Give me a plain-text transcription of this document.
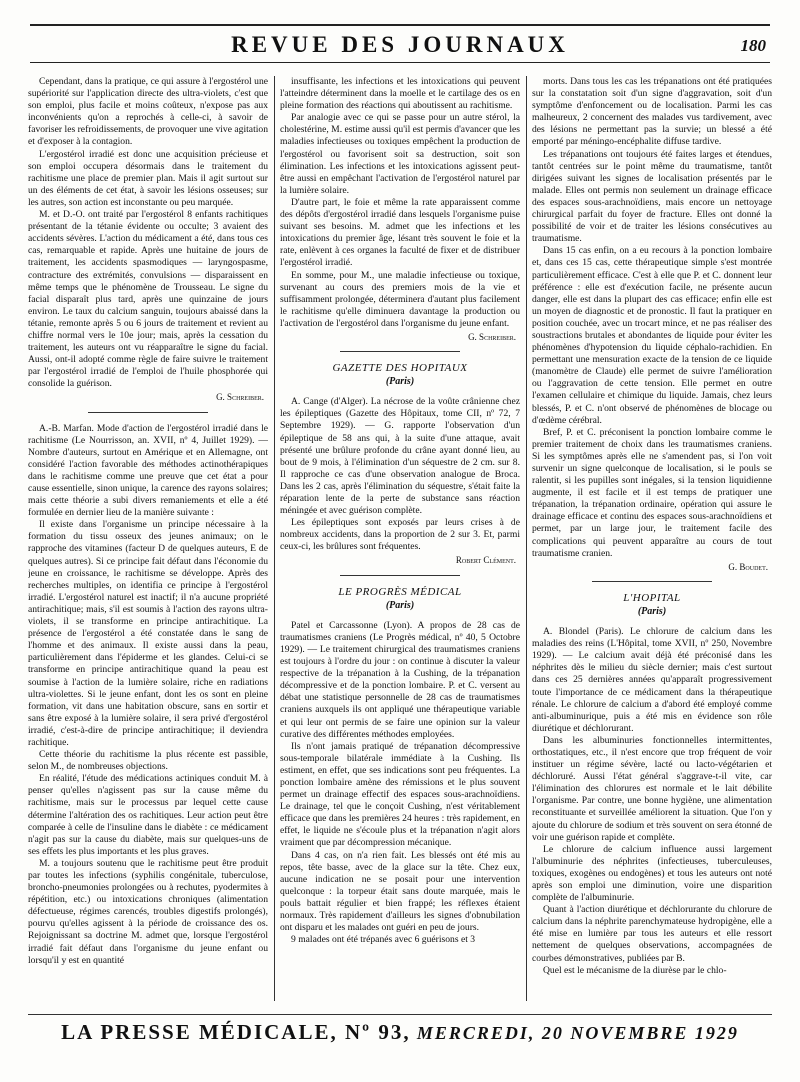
REVUE DES JOURNAUX	180

Cependant, dans la pratique, ce qui assure à l'ergostérol une supériorité sur l'application directe des ultra-violets, c'est que son emploi, plus facile et moins coûteux, n'expose pas aux inconvénients qu'on a reprochés à celle-ci, à savoir de favoriser les refroidissements, de provoquer une vive agitation et d'exposer à la contagion.

L'ergostérol irradié est donc une acquisition précieuse et son emploi occupera désormais dans le traitement du rachitisme une place de premier plan. Mais il agit surtout sur un des éléments de cet état, à savoir les lésions osseuses; sur les autres, son action est inconstante ou peu marquée.

M. et D.-O. ont traité par l'ergostérol 8 enfants rachitiques présentant de la tétanie évidente ou occulte; 3 avaient des accidents sévères. L'action du médicament a été, dans tous ces cas, remarquable et rapide. Après une huitaine de jours de traitement, les accidents spasmodiques — laryngospasme, contracture des extrémités, convulsions — disparaissent en même temps que le phénomène de Trousseau. Le signe du facial disparaît plus tard, après une quinzaine de jours environ. Le taux du calcium sanguin, toujours abaissé dans la tétanie, remonte après 5 ou 6 jours de traitement et revient au chiffre normal vers le 10e jour; mais, après la cessation du traitement, les auteurs ont vu réapparaître le signe du facial. Aussi, ont-il adopté comme règle de faire suivre le traitement par l'ergostérol irradié de l'emploi de l'huile phosphorée qui consolide la guérison.

G. Schreiber.

A.-B. Marfan. Mode d'action de l'ergostérol irradié dans le rachitisme (Le Nourrisson, an. XVII, nº 4, Juillet 1929). — Nombre d'auteurs, surtout en Amérique et en Allemagne, ont considéré l'action favorable des méthodes actinothérapiques dans le rachitisme comme une preuve que cet état a pour cause essentielle, sinon unique, la carence des rayons solaires; mais cette théorie a subi divers remaniements et elle a été formulée en dernier lieu de la manière suivante :

Il existe dans l'organisme un principe nécessaire à la formation du tissu osseux des jeunes animaux; on le rapproche des vitamines (facteur D de quelques auteurs, E de quelques autres). Si ce principe fait défaut dans l'économie du jeune en croissance, le rachitisme se développe. Après des recherches multiples, on identifia ce principe à l'ergostérol irradié. L'ergostérol naturel est inactif; il n'a aucune propriété antirachitique; mais, s'il est soumis à l'action des rayons ultra-violets, il se transforme en principe antirachitique. La présence de l'ergostérol a été constatée dans le sang de l'homme et des animaux. Il existe aussi dans la peau, particulièrement dans l'épiderme et les glandes. Celui-ci se transforme en principe antirachitique quand la peau est soumise à l'action de la lumière solaire, riche en radiations ultra-violettes. Si le jeune enfant, dont les os sont en pleine formation, vit dans une habitation obscure, sans en sortir et sans être exposé à la lumière solaire, il sera privé d'ergostérol irradié, c'est-à-dire de principe antirachitique; il deviendra rachitique.

Cette théorie du rachitisme la plus récente est passible, selon M., de nombreuses objections.

En réalité, l'étude des médications actiniques conduit M. à penser qu'elles n'agissent pas sur la cause même du rachitisme, mais sur le processus par lequel cette cause détermine l'altération des os rachitiques. Leur action peut être comparée à celle de l'insuline dans le diabète : ce médicament n'agit pas sur la cause du diabète, mais sur quelques-uns de ses effets les plus importants et les plus graves.

M. a toujours soutenu que le rachitisme peut être produit par toutes les infections (syphilis congénitale, tuberculose, broncho-pneumonies prolongées ou à rechutes, pyodermites à répétition, etc.) ou intoxications chroniques (alimentation défectueuse, régimes carencés, troubles digestifs prolongés), pourvu qu'elles agissent à la période de croissance des os. Rejoignissant sa doctrine M. admet que, lorsque l'ergostérol irradié fait défaut dans l'organisme du jeune enfant ou lorsqu'il y est en quantité

insuffisante, les infections et les intoxications qui peuvent l'atteindre déterminent dans la moelle et le cartilage des os en pleine formation des réactions qui aboutissent au rachitisme.

Par analogie avec ce qui se passe pour un autre stérol, la cholestérine, M. estime aussi qu'il est permis d'avancer que les maladies infectieuses ou toxiques empêchent la production de l'ergostérol ou favorisent soit sa destruction, soit son élimination. Les infections et les intoxications agissent peut-être aussi en empêchant l'activation de l'ergostérol naturel par la lumière solaire.

D'autre part, le foie et même la rate apparaissent comme des dépôts d'ergostérol irradié dans lesquels l'organisme puise suivant ses besoins. M. admet que les infections et les intoxications du premier âge, lésant très souvent le foie et la rate, enlèvent à ces organes la faculté de fixer et de distribuer l'ergostérol irradié.

En somme, pour M., une maladie infectieuse ou toxique, survenant au cours des premiers mois de la vie et suffisamment prolongée, déterminera d'autant plus facilement le rachitisme qu'elle diminuera davantage la production ou l'activation de l'ergostérol dans l'organisme du jeune enfant.

G. Schreiber.

GAZETTE DES HOPITAUX

(Paris)

A. Cange (d'Alger). La nécrose de la voûte crânienne chez les épileptiques (Gazette des Hôpitaux, tome CII, nº 72, 7 Septembre 1929). — G. rapporte l'observation d'un épileptique de 58 ans qui, à la suite d'une attaque, avait présenté une brûlure profonde du crâne ayant donné lieu, au bout de 9 mois, à l'élimination d'un séquestre de 2 cm. sur 8. Il rapproche ce cas d'une observation analogue de Broca. Dans les 2 cas, après l'élimination du séquestre, s'était faite la réparation lente de la perte de substance sans réaction méningée et avec guérison complète.

Les épileptiques sont exposés par leurs crises à de nombreux accidents, dans la proportion de 2 sur 3. Et, parmi ceux-ci, les brûlures sont fréquentes.

Robert Clément.

LE PROGRÈS MÉDICAL

(Paris)

Patel et Carcassonne (Lyon). A propos de 28 cas de traumatismes craniens (Le Progrès médical, nº 40, 5 Octobre 1929). — Le traitement chirurgical des traumatismes craniens est toujours à l'ordre du jour : on continue à discuter la valeur respective de la trépanation à la Cushing, de la trépanation décompressive et de la ponction lombaire. P. et C. versent au débat une statistique personnelle de 28 cas de traumatismes craniens auxquels ils ont appliqué une thérapeutique variable et qui leur ont permis de se faire une opinion sur la valeur curative des différentes méthodes employées.

Ils n'ont jamais pratiqué de trépanation décompressive sous-temporale bilatérale immédiate à la Cushing. Ils estiment, en effet, que ses indications sont peu fréquentes. La ponction lombaire amène des rémissions et le plus souvent permet un drainage effectif des espaces sous-arachnoïdiens. Le drainage, tel que le conçoit Cushing, n'est véritablement efficace que dans les premières 24 heures : très rapidement, en effet, le liquide ne s'écoule plus et la trépanation n'agit alors vraiment que par décompression mécanique.

Dans 4 cas, on n'a rien fait. Les blessés ont été mis au repos, tête basse, avec de la glace sur la tête. Chez eux, aucune indication ne se posait pour une intervention quelconque : la torpeur était sans doute marquée, mais le pouls battait régulier et bien frappé; les réflexes étaient normaux. Très rapidement d'ailleurs les signes d'obnubilation ont disparu et les malades ont guéri en peu de jours.

9 malades ont été trépanés avec 6 guérisons et 3

morts. Dans tous les cas les trépanations ont été pratiquées sur la constatation soit d'un signe d'aggravation, soit d'un symptôme d'enfoncement ou de localisation. Parmi les cas malheureux, 2 concernent des malades vus tardivement, avec des lésions ne permettant pas la survie; un blessé a été emporté par méningo-encéphalite diffuse tardive.

Les trépanations ont toujours été faites larges et étendues, tantôt centrées sur le point même du traumatisme, tantôt dirigées suivant les signes de localisation présentés par le malade. Elles ont permis non seulement un drainage efficace des espaces sous-arachnoïdiens, mais encore un nettoyage chirurgical parfait du foyer de fracture. Elles ont donné la possibilité de voir et de traiter les lésions consécutives au traumatisme.

Dans 15 cas enfin, on a eu recours à la ponction lombaire et, dans ces 15 cas, cette thérapeutique simple s'est montrée particulièrement efficace. C'est à elle que P. et C. donnent leur préférence : elle est d'exécution facile, ne présente aucun danger, elle est dans la plupart des cas efficace; enfin elle est un moyen de diagnostic et de pronostic. Il faut la pratiquer en position couchée, avec un trocart mince, et ne pas réaliser des soustractions brutales et abondantes de liquide pour éviter les phénomènes d'hypotension du liquide céphalo-rachidien. En permettant une mensuration exacte de la tension de ce liquide (manomètre de Claude) elle permet de suivre l'amélioration ou l'aggravation de cette tension. Elle permet en outre l'examen cellulaire et chimique du liquide. Jamais, chez leurs blessés, P. et C. n'ont observé de phénomènes de blocage ou d'œdème cérébral.

Bref, P. et C. préconisent la ponction lombaire comme le premier traitement de choix dans les traumatismes craniens. Si les symptômes après elle ne s'amendent pas, si l'on voit survenir un signe quelconque de localisation, si le pouls se ralentit, si les pupilles sont inégales, si la tension liquidienne augmente, il est facile et il est temps de pratiquer une trépanation, la trépanation ordinaire, opération qui assure le drainage efficace et continu des espaces sous-arachnoïdiens et permet, par un large jour, le traitement facile des complications qui peuvent apparaître au cours de tout traumatisme cranien.

G. Boudet.

L'HOPITAL

(Paris)

A. Blondel (Paris). Le chlorure de calcium dans les maladies des reins (L'Hôpital, tome XVII, nº 250, Novembre 1929). — Le calcium avait déjà été préconisé dans les néphrites dès le milieu du siècle dernier; mais c'est surtout dans ces 25 dernières années qu'apparaît progressivement toute l'importance de ce médicament dans la thérapeutique rénale. Le chlorure de calcium a d'abord été employé comme anti-albuminurique, puis a été mis en évidence son rôle diurétique et déchlorurant.

Dans les albuminuries fonctionnelles intermittentes, orthostatiques, etc., il n'est encore que trop fréquent de voir instituer un régime sévère, lacté ou lacto-végétarien et déchloruré. Aussi l'état général s'aggrave-t-il vite, car l'élimination des chlorures est normale et le lait débilite l'organisme. Par contre, une bonne hygiène, une alimentation reconstituante et surveillée améliorent la situation. Que l'on y ajoute du chlorure de sodium et très souvent on sera étonné de voir une guérison rapide et complète.

Le chlorure de calcium influence aussi largement l'albuminurie des néphrites (infectieuses, tuberculeuses, toxiques, exogènes ou endogènes) et tous les auteurs ont noté après son emploi une diminution, voire une disparition complète de l'albuminurie.

Quant à l'action diurétique et déchlorurante du chlorure de calcium dans la néphrite parenchymateuse hydropigène, elle a été mise en lumière par tous les auteurs et elle ressort nettement de quelques observations, accompagnées de courbes démonstratives, publiées par B.

Quel est le mécanisme de la diurèse par le chlo-

LA PRESSE MÉDICALE, Nº 93, MERCREDI, 20 NOVEMBRE 1929
